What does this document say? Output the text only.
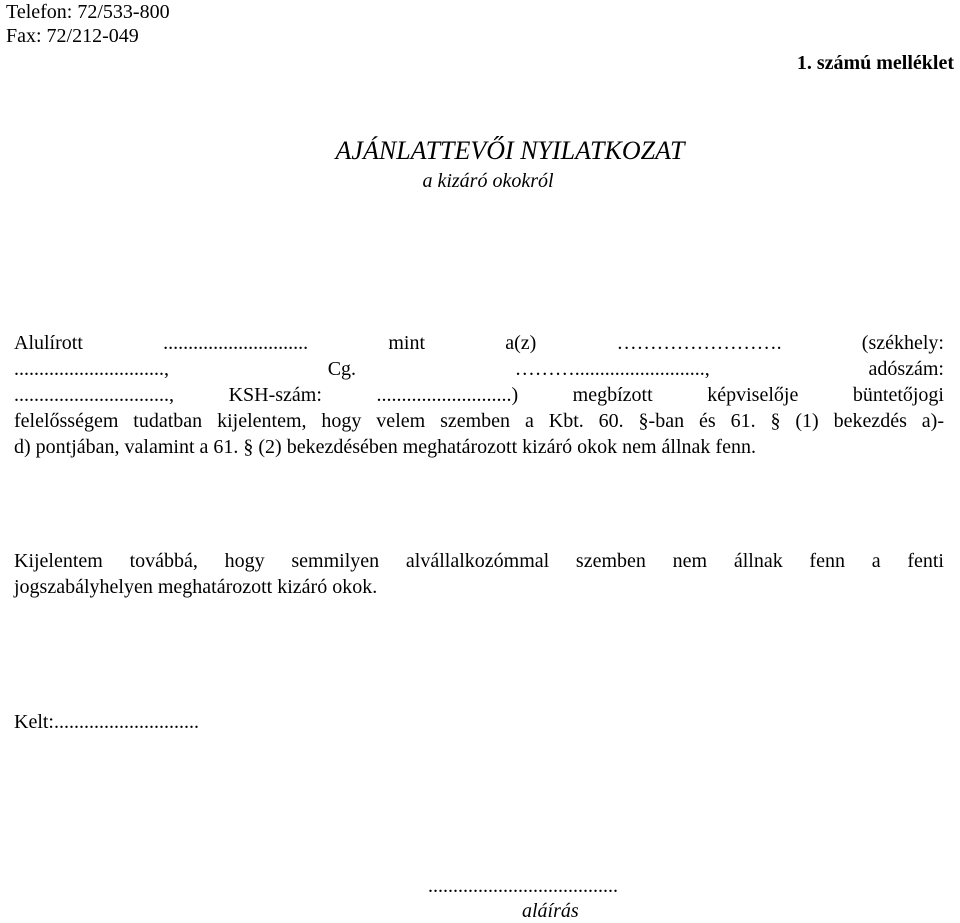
Telefon: 72/533-800
Fax: 72/212-049
1. számú melléklet
AJÁNLATTEVŐI NYILATKOZAT
a kizáró okokról
Alulírott ............................. mint a(z) ……………………. (székhely:
.............................., Cg. ……….........................., adószám:
..............................., KSH-szám: ...........................) megbízott képviselője büntetőjogi
felelősségem tudatban kijelentem, hogy velem szemben a Kbt. 60. §-ban és 61. § (1) bekezdés a)-
d) pontjában, valamint a 61. § (2) bekezdésében meghatározott kizáró okok nem állnak fenn.
Kijelentem továbbá, hogy semmilyen alvállalkozómmal szemben nem állnak fenn a fenti
jogszabályhelyen meghatározott kizáró okok.
Kelt:.............................
......................................
aláírás
